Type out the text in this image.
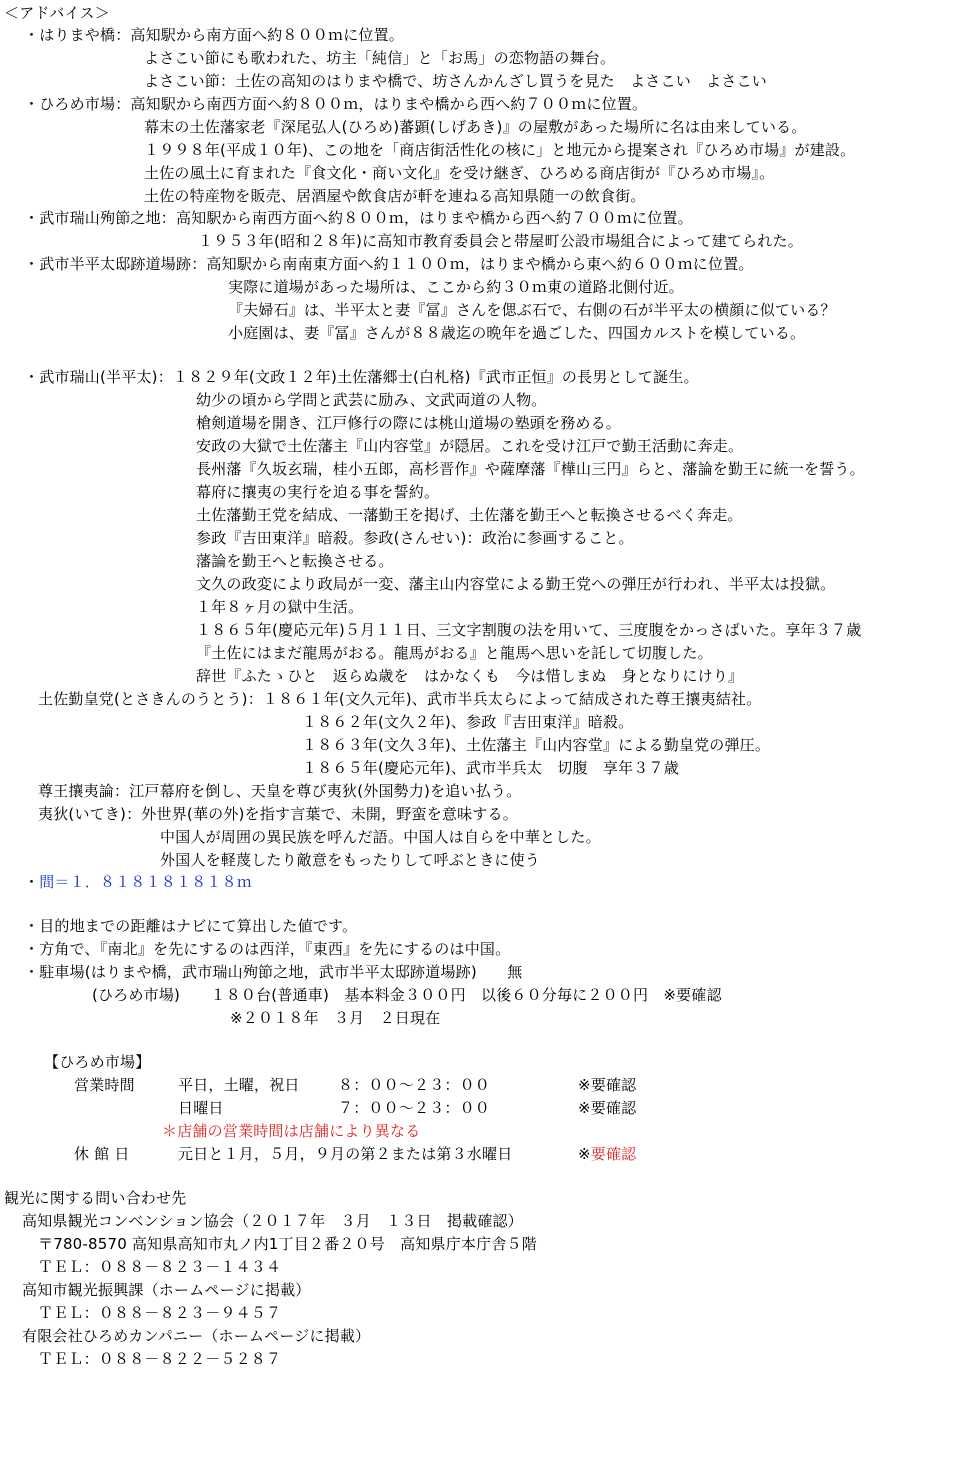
＜アドバイス＞
・はりまや橋：高知駅から南方面へ約８００ｍに位置。
よさこい節にも歌われた、坊主「純信」と「お馬」の恋物語の舞台。
よさこい節：土佐の高知のはりまや橋で、坊さんかんざし買うを見た　よさこい　よさこい
・ひろめ市場：高知駅から南西方面へ約８００ｍ，はりまや橋から西へ約７００ｍに位置。
幕末の土佐藩家老『深尾弘人(ひろめ)蕃顕(しげあき)』の屋敷があった場所に名は由来している。
１９９８年(平成１０年)、この地を「商店街活性化の核に」と地元から提案され『ひろめ市場』が建設。
土佐の風土に育まれた『食文化・商い文化』を受け継ぎ、ひろめる商店街が『ひろめ市場』。
土佐の特産物を販売、居酒屋や飲食店が軒を連ねる高知県随一の飲食街。
・武市瑞山殉節之地：高知駅から南西方面へ約８００ｍ，はりまや橋から西へ約７００ｍに位置。
１９５３年(昭和２８年)に高知市教育委員会と帯屋町公設市場組合によって建てられた。
・武市半平太邸跡道場跡：高知駅から南南東方面へ約１１００ｍ，はりまや橋から東へ約６００ｍに位置。
実際に道場があった場所は、ここから約３０ｍ東の道路北側付近。
『夫婦石』は、半平太と妻『冨』さんを偲ぶ石で、右側の石が半平太の横顔に似ている？
小庭園は、妻『冨』さんが８８歳迄の晩年を過ごした、四国カルストを模している。
・武市瑞山(半平太)：１８２９年(文政１２年)土佐藩郷士(白札格)『武市正恒』の長男として誕生。
幼少の頃から学問と武芸に励み、文武両道の人物。
槍剣道場を開き、江戸修行の際には桃山道場の塾頭を務める。
安政の大獄で土佐藩主『山内容堂』が隠居。これを受け江戸で勤王活動に奔走。
長州藩『久坂玄瑞，桂小五郎，高杉晋作』や薩摩藩『樺山三円』らと、藩論を勤王に統一を誓う。
幕府に攘夷の実行を迫る事を誓約。
土佐藩勤王党を結成、一藩勤王を掲げ、土佐藩を勤王へと転換させるべく奔走。
参政『吉田東洋』暗殺。参政(さんせい)：政治に参画すること。
藩論を勤王へと転換させる。
文久の政変により政局が一変、藩主山内容堂による勤王党への弾圧が行われ、半平太は投獄。
１年８ヶ月の獄中生活。
１８６５年(慶応元年)５月１１日、三文字割腹の法を用いて、三度腹をかっさばいた。享年３７歳
『土佐にはまだ龍馬がおる。龍馬がおる』と龍馬へ思いを託して切腹した。
辞世『ふたゝひと　返らぬ歳を　はかなくも　今は惜しまぬ　身となりにけり』
土佐勤皇党(とさきんのうとう)：１８６１年(文久元年)、武市半兵太らによって結成された尊王攘夷結社。
１８６２年(文久２年)、参政『吉田東洋』暗殺。
１８６３年(文久３年)、土佐藩主『山内容堂』による勤皇党の弾圧。
１８６５年(慶応元年)、武市半兵太　切腹　享年３７歳
尊王攘夷論：江戸幕府を倒し、天皇を尊び夷狄(外国勢力)を追い払う。
夷狄(いてき)：外世界(華の外)を指す言葉で、未開，野蛮を意味する。
中国人が周囲の異民族を呼んだ語。中国人は自らを中華とした。
外国人を軽蔑したり敵意をもったりして呼ぶときに使う
・間＝１．８１８１８１８１８ｍ
・目的地までの距離はナビにて算出した値です。
・方角で、『南北』を先にするのは西洋，『東西』を先にするのは中国。
・駐車場(はりまや橋，武市瑞山殉節之地，武市半平太邸跡道場跡)　　無
(ひろめ市場)　　１８０台(普通車)　基本料金３００円　以後６０分毎に２００円　※要確認
※２０１８年　３月　２日現在
【ひろめ市場】
営業時間	平日，土曜，祝日	８：００～２３：００	※要確認
日曜日	７：００～２３：００	※要確認
＊店舗の営業時間は店舗により異なる
休 館 日	元日と１月，５月，９月の第２または第３水曜日	※要確認
観光に関する問い合わせ先
高知県観光コンベンション協会（２０１７年　３月　１３日　掲載確認）
〒780-8570 高知県高知市丸ノ内1丁目２番２０号　高知県庁本庁舎５階
ＴＥＬ：０８８－８２３－１４３４
高知市観光振興課（ホームページに掲載）
ＴＥＬ：０８８－８２３－９４５７
有限会社ひろめカンパニー（ホームページに掲載）
ＴＥＬ：０８８－８２２－５２８７
